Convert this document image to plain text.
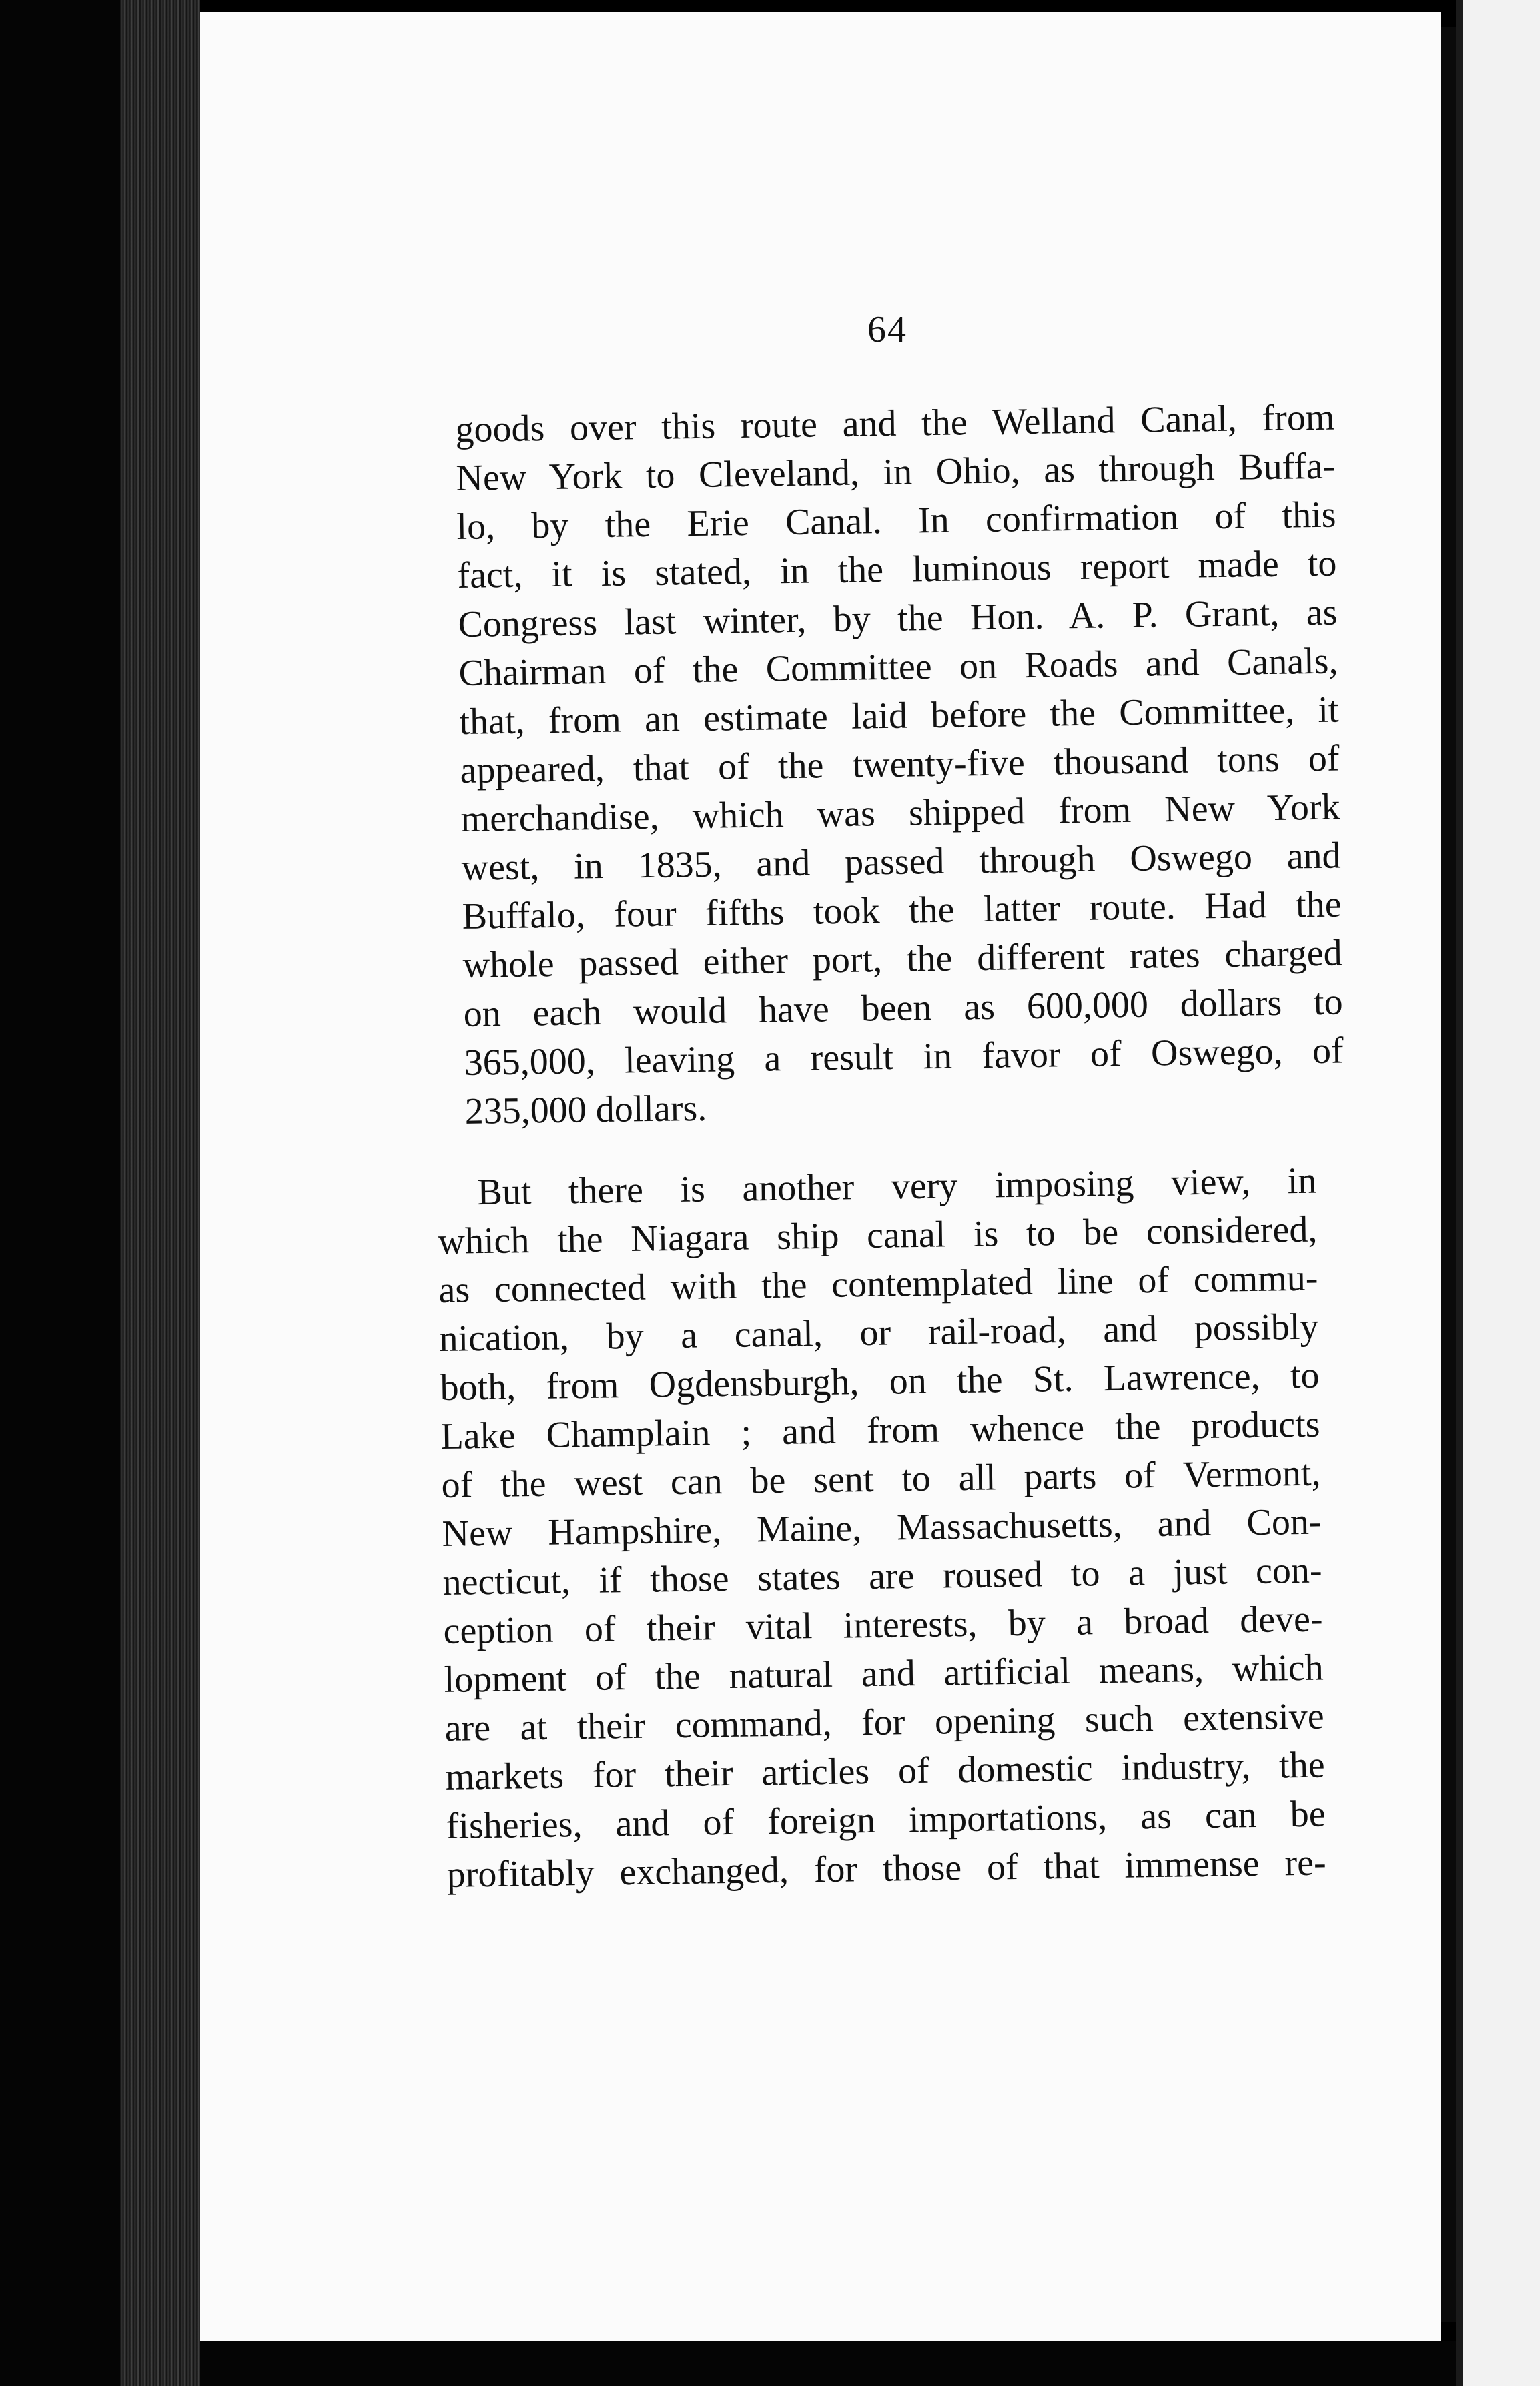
64
goods over this route and the Welland Canal, from
New York to Cleveland, in Ohio, as through Buffa-
lo, by the Erie Canal. In confirmation of this
fact, it is stated, in the luminous report made to
Congress last winter, by the Hon. A. P. Grant, as
Chairman of the Committee on Roads and Canals,
that, from an estimate laid before the Committee, it
appeared, that of the twenty-five thousand tons of
merchandise, which was shipped from New York
west, in 1835, and passed through Oswego and
Buffalo, four fifths took the latter route. Had the
whole passed either port, the different rates charged
on each would have been as 600,000 dollars to
365,000, leaving a result in favor of Oswego, of
235,000 dollars.
But there is another very imposing view, in
which the Niagara ship canal is to be considered,
as connected with the contemplated line of commu-
nication, by a canal, or rail-road, and possibly
both, from Ogdensburgh, on the St. Lawrence, to
Lake Champlain ; and from whence the products
of the west can be sent to all parts of Vermont,
New Hampshire, Maine, Massachusetts, and Con-
necticut, if those states are roused to a just con-
ception of their vital interests, by a broad deve-
lopment of the natural and artificial means, which
are at their command, for opening such extensive
markets for their articles of domestic industry, the
fisheries, and of foreign importations, as can be
profitably exchanged, for those of that immense re-
